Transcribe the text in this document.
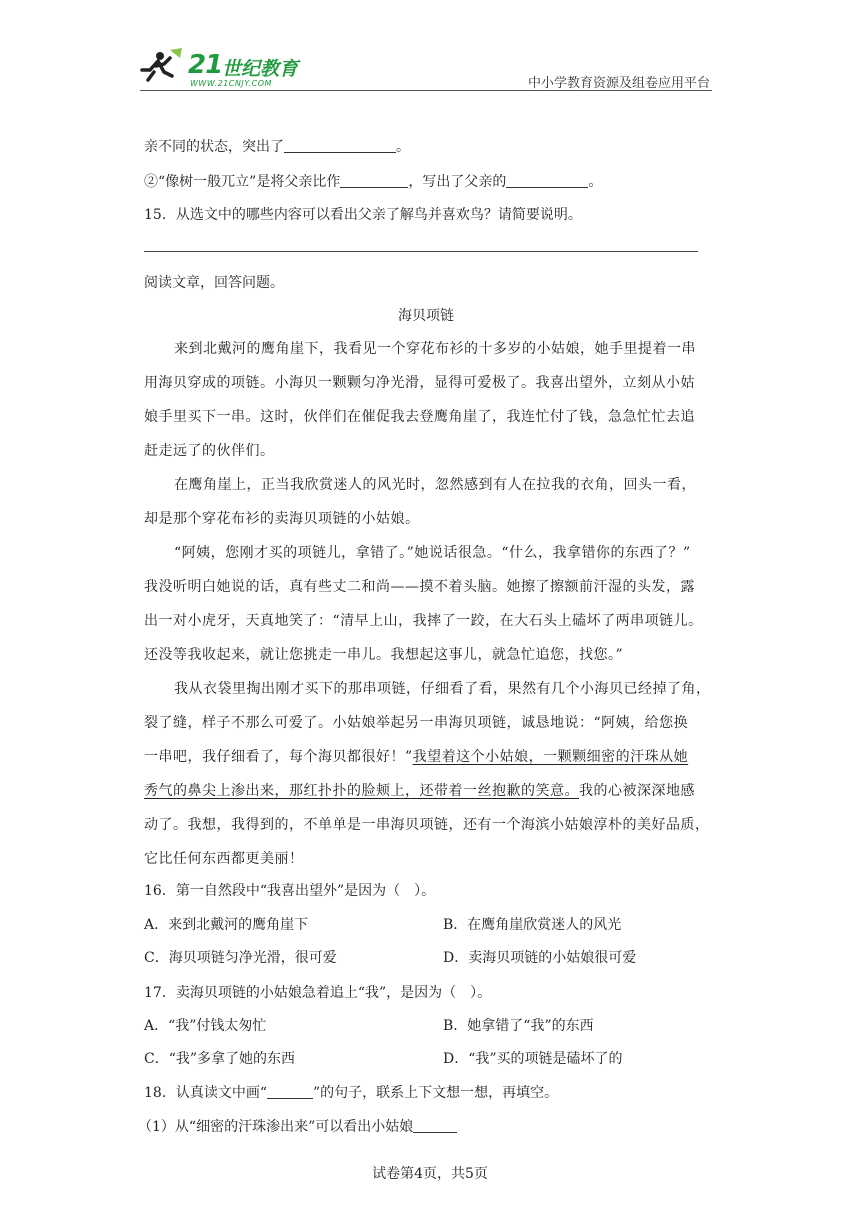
21 世纪教育
WWW.21CNJY.COM	中小学教育资源及组卷应用平台
亲不同的状态，突出了	。
②“像树一般兀立”是将父亲比作	，写出了父亲的	。
15．从选文中的哪些内容可以看出父亲了解鸟并喜欢鸟？请简要说明。
阅读文章，回答问题。
海贝项链
来到北戴河的鹰角崖下，我看见一个穿花布衫的十多岁的小姑娘，她手里提着一串
用海贝穿成的项链。小海贝一颗颗匀净光滑，显得可爱极了。我喜出望外，立刻从小姑
娘手里买下一串。这时，伙伴们在催促我去登鹰角崖了，我连忙付了钱，急急忙忙去追
赶走远了的伙伴们。
在鹰角崖上，正当我欣赏迷人的风光时，忽然感到有人在拉我的衣角，回头一看，
却是那个穿花布衫的卖海贝项链的小姑娘。
“阿姨，您刚才买的项链儿，拿错了。”她说话很急。“什么，我拿错你的东西了？”
我没听明白她说的话，真有些丈二和尚——摸不着头脑。她擦了擦额前汗湿的头发，露
出一对小虎牙，天真地笑了：“清早上山，我摔了一跤，在大石头上磕坏了两串项链儿。
还没等我收起来，就让您挑走一串儿。我想起这事儿，就急忙追您，找您。”
我从衣袋里掏出刚才买下的那串项链，仔细看了看，果然有几个小海贝已经掉了角，
裂了缝，样子不那么可爱了。小姑娘举起另一串海贝项链，诚恳地说：“阿姨，给您换
一串吧，我仔细看了，每个海贝都很好！”我望着这个小姑娘，一颗颗细密的汗珠从她
秀气的鼻尖上渗出来，那红扑扑的脸颊上，还带着一丝抱歉的笑意。我的心被深深地感
动了。我想，我得到的，不单单是一串海贝项链，还有一个海滨小姑娘淳朴的美好品质，
它比任何东西都更美丽！
16．第一自然段中“我喜出望外”是因为（　）。
A．来到北戴河的鹰角崖下	B．在鹰角崖欣赏迷人的风光
C．海贝项链匀净光滑，很可爱	D．卖海贝项链的小姑娘很可爱
17．卖海贝项链的小姑娘急着追上“我”，是因为（　）。
A．“我”付钱太匆忙	B．她拿错了“我”的东西
C．“我”多拿了她的东西	D．“我”买的项链是磕坏了的
18．认真读文中画“	”的句子，联系上下文想一想，再填空。
（1）从“细密的汗珠渗出来”可以看出小姑娘
试卷第4页，共5页
